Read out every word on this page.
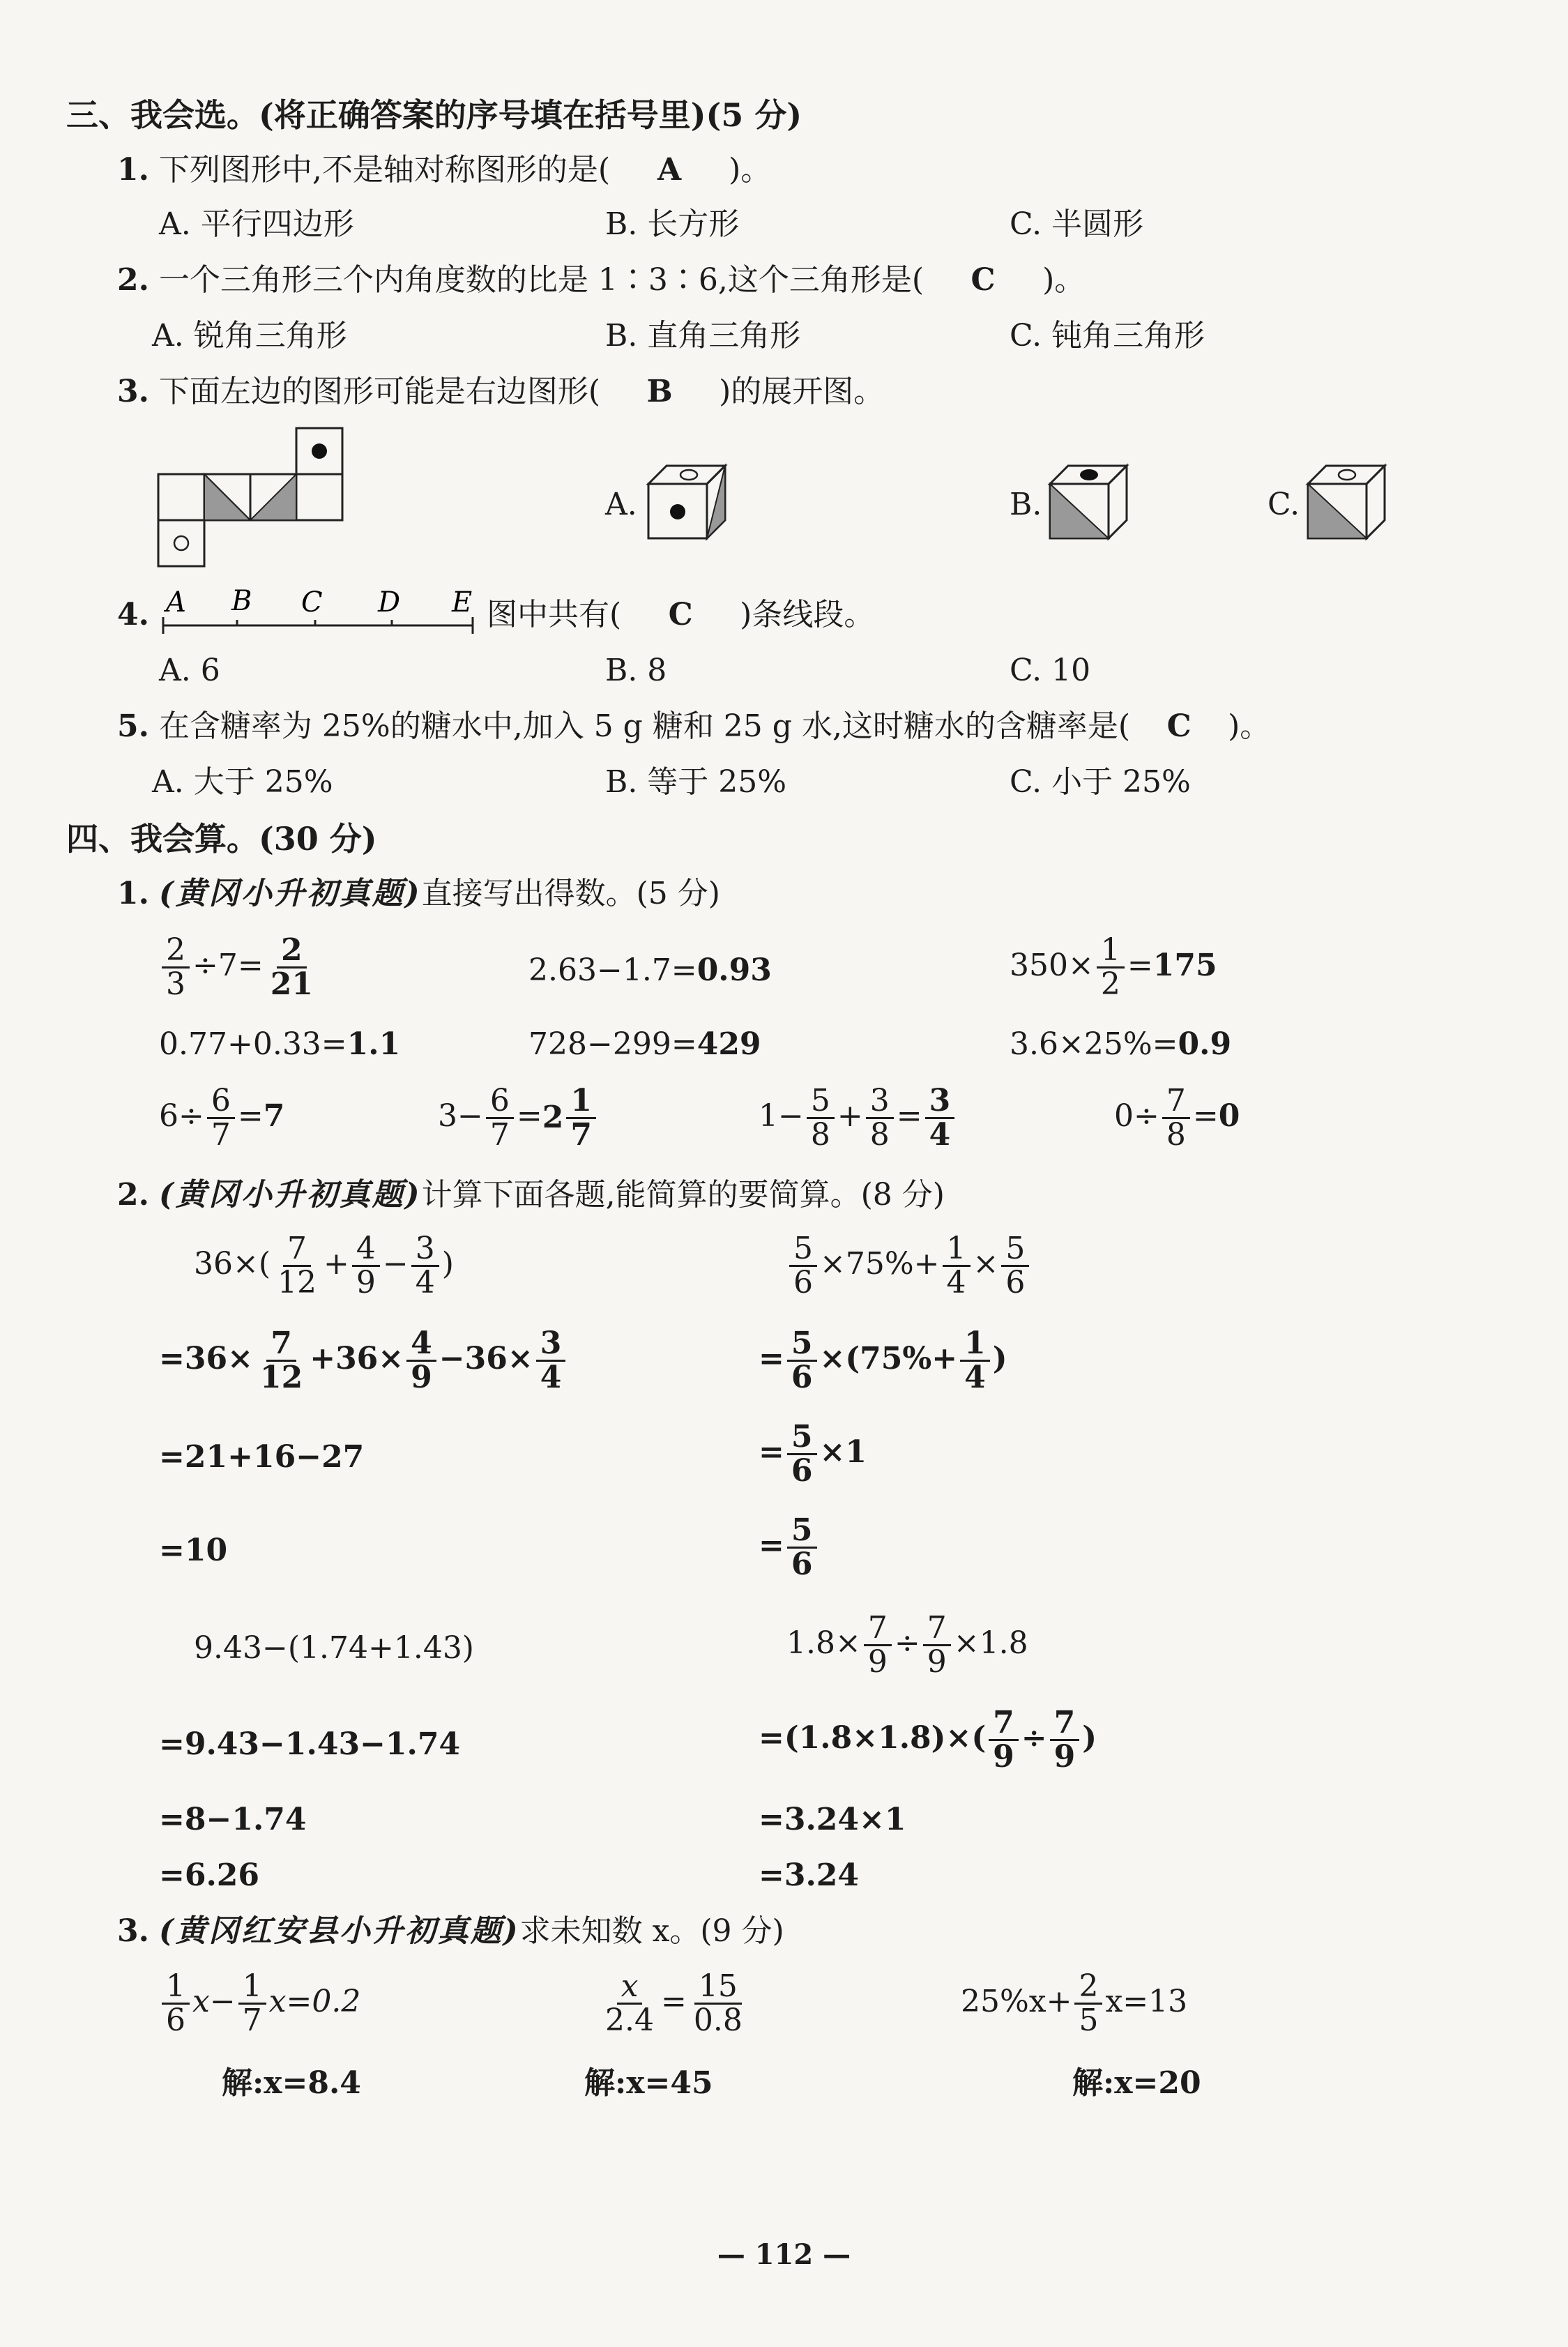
三、我会选。(将正确答案的序号填在括号里)(5 分)
1. 下列图形中,不是轴对称图形的是( A )。
A. 平行四边形	B. 长方形	C. 半圆形
2. 一个三角形三个内角度数的比是 1∶3∶6,这个三角形是( C )。
A. 锐角三角形	B. 直角三角形	C. 钝角三角形
3. 下面左边的图形可能是右边图形( B )的展开图。
A.	B.	C.
4. A B C D E 图中共有( C )条线段。
A. 6	B. 8	C. 10
5. 在含糖率为 25%的糖水中,加入 5 g 糖和 25 g 水,这时糖水的含糖率是( C )。
A. 大于 25%	B. 等于 25%	C. 小于 25%
四、我会算。(30 分)
1. (黄冈小升初真题)直接写出得数。(5 分)
$\frac{2}{3} \div 7= \frac{2}{21}$	2.63−1.7=0.93	$350\times \frac{1}{2} =175$
0.77+0.33=1.1	728−299=429	3.6×25%=0.9
$6\div \frac{6}{7} =7$	$3- \frac{6}{7} = 2 \frac{1}{7}$	$1- \frac{5}{8} + \frac{3}{8} = \frac{3}{4}$	$0\div \frac{7}{8} =0$
2. (黄冈小升初真题)计算下面各题,能简算的要简算。(8 分)
$36\times( \frac{7}{12} + \frac{4}{9} - \frac{3}{4}$ )
$=36\times \frac{7}{12} +36\times \frac{4}{9} -36\times \frac{3}{4}$
=21+16−27
=10
$\frac{5}{6} \times 75\%+ \frac{1}{4} \times \frac{5}{6}$
= $\frac{5}{6} \times(75\%+ \frac{1}{4}$ )
= $\frac{5}{6} \times 1$
= $\frac{5}{6}$
9.43−(1.74+1.43)
=9.43−1.43−1.74
=8−1.74
=6.26
$1.8\times \frac{7}{9} \div \frac{7}{9} \times 1.8$
$=(1.8\times 1.8)\times( \frac{7}{9} \div \frac{7}{9}$ )
=3.24×1
=3.24
3. (黄冈红安县小升初真题)求未知数 x。(9 分)
$\frac{1}{6} x- \frac{1}{7} x=0.2$	$\frac{x}{2.4} = \frac{15}{0.8}$	$25\%x+ \frac{2}{5} x=13$
解:x=8.4	解:x=45	解:x=20
— 112 —
